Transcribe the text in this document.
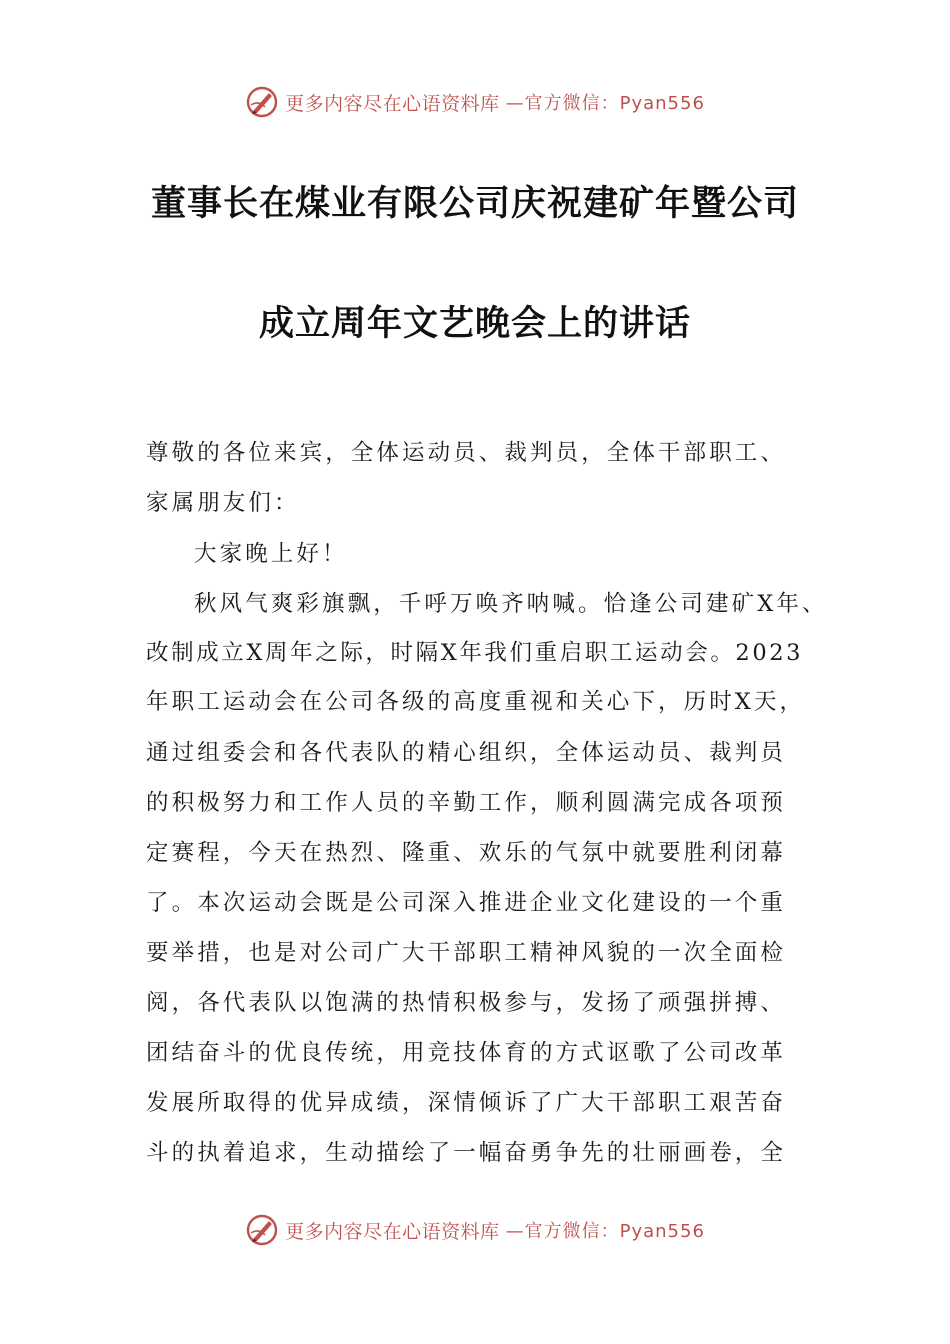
更多内容尽在心语资料库 —官方微信：Pyan556
董事长在煤业有限公司庆祝建矿年暨公司
成立周年文艺晚会上的讲话
尊敬的各位来宾，全体运动员、裁判员，全体干部职工、
家属朋友们：
大家晚上好！
秋风气爽彩旗飘，千呼万唤齐呐喊。恰逢公司建矿X年、
改制成立X周年之际，时隔X年我们重启职工运动会。2023
年职工运动会在公司各级的高度重视和关心下，历时X天，
通过组委会和各代表队的精心组织，全体运动员、裁判员
的积极努力和工作人员的辛勤工作，顺利圆满完成各项预
定赛程，今天在热烈、隆重、欢乐的气氛中就要胜利闭幕
了。本次运动会既是公司深入推进企业文化建设的一个重
要举措，也是对公司广大干部职工精神风貌的一次全面检
阅，各代表队以饱满的热情积极参与，发扬了顽强拼搏、
团结奋斗的优良传统，用竞技体育的方式讴歌了公司改革
发展所取得的优异成绩，深情倾诉了广大干部职工艰苦奋
斗的执着追求，生动描绘了一幅奋勇争先的壮丽画卷，全
更多内容尽在心语资料库 —官方微信：Pyan556
